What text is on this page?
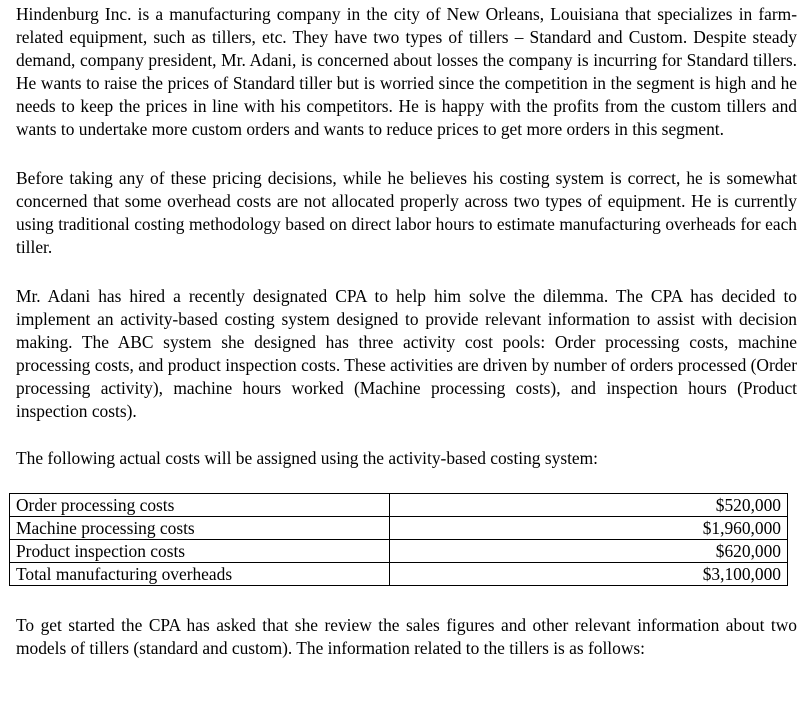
Hindenburg Inc. is a manufacturing company in the city of New Orleans, Louisiana that specializes in farm-related equipment, such as tillers, etc. They have two types of tillers – Standard and Custom. Despite steady demand, company president, Mr. Adani, is concerned about losses the company is incurring for Standard tillers. He wants to raise the prices of Standard tiller but is worried since the competition in the segment is high and he needs to keep the prices in line with his competitors. He is happy with the profits from the custom tillers and wants to undertake more custom orders and wants to reduce prices to get more orders in this segment.

Before taking any of these pricing decisions, while he believes his costing system is correct, he is somewhat concerned that some overhead costs are not allocated properly across two types of equipment. He is currently using traditional costing methodology based on direct labor hours to estimate manufacturing overheads for each tiller.

Mr. Adani has hired a recently designated CPA to help him solve the dilemma. The CPA has decided to implement an activity-based costing system designed to provide relevant information to assist with decision making. The ABC system she designed has three activity cost pools: Order processing costs, machine processing costs, and product inspection costs. These activities are driven by number of orders processed (Order processing activity), machine hours worked (Machine processing costs), and inspection hours (Product inspection costs).

The following actual costs will be assigned using the activity-based costing system:

Order processing costs	$520,000
Machine processing costs	$1,960,000
Product inspection costs	$620,000
Total manufacturing overheads	$3,100,000

To get started the CPA has asked that she review the sales figures and other relevant information about two models of tillers (standard and custom). The information related to the tillers is as follows:
